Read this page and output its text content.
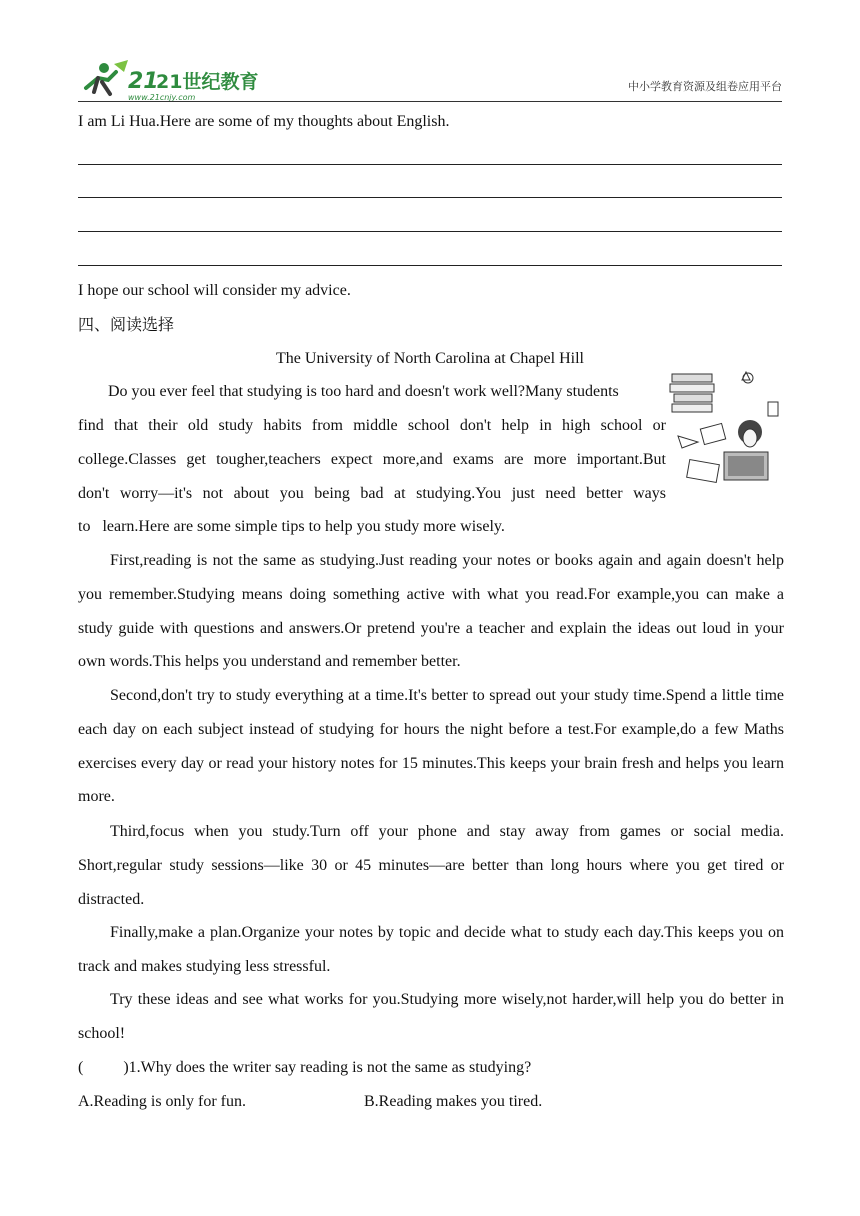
21
21世纪教育
www.21cnjy.com
中小学教育资源及组卷应用平台
I am Li Hua.Here are some of my thoughts about English.
I hope our school will consider my advice.
四、阅读选择
The University of North Carolina at Chapel Hill
Do you ever feel that studying is too hard and doesn't work well?Many students
find that their old study habits from middle school don't help in high school or
college.Classes get tougher,teachers expect more,and exams are more important.But
don't worry—it's not about you being bad at studying.You just need better ways
to   learn.Here are some simple tips to help you study more wisely.

First,reading is not the same as studying.Just reading your notes or books again and again doesn't help you remember.Studying means doing something active with what you read.For example,you can make a study guide with questions and answers.Or pretend you're a teacher and explain the ideas out loud in your own words.This helps you understand and remember better.

Second,don't try to study everything at a time.It's better to spread out your study time.Spend a little time each day on each subject instead of studying for hours the night before a test.For example,do a few Maths exercises every day or read your history notes for 15 minutes.This keeps your brain fresh and helps you learn more.

Third,focus when you study.Turn off your phone and stay away from games or social media. Short,regular study sessions—like 30 or 45 minutes—are better than long hours where you get tired or distracted.

Finally,make a plan.Organize your notes by topic and decide what to study each day.This keeps you on track and makes studying less stressful.

Try these ideas and see what works for you.Studying more wisely,not harder,will help you do better in school!

(          )1.Why does the writer say reading is not the same as studying?
A.Reading is only for fun.	B.Reading makes you tired.
